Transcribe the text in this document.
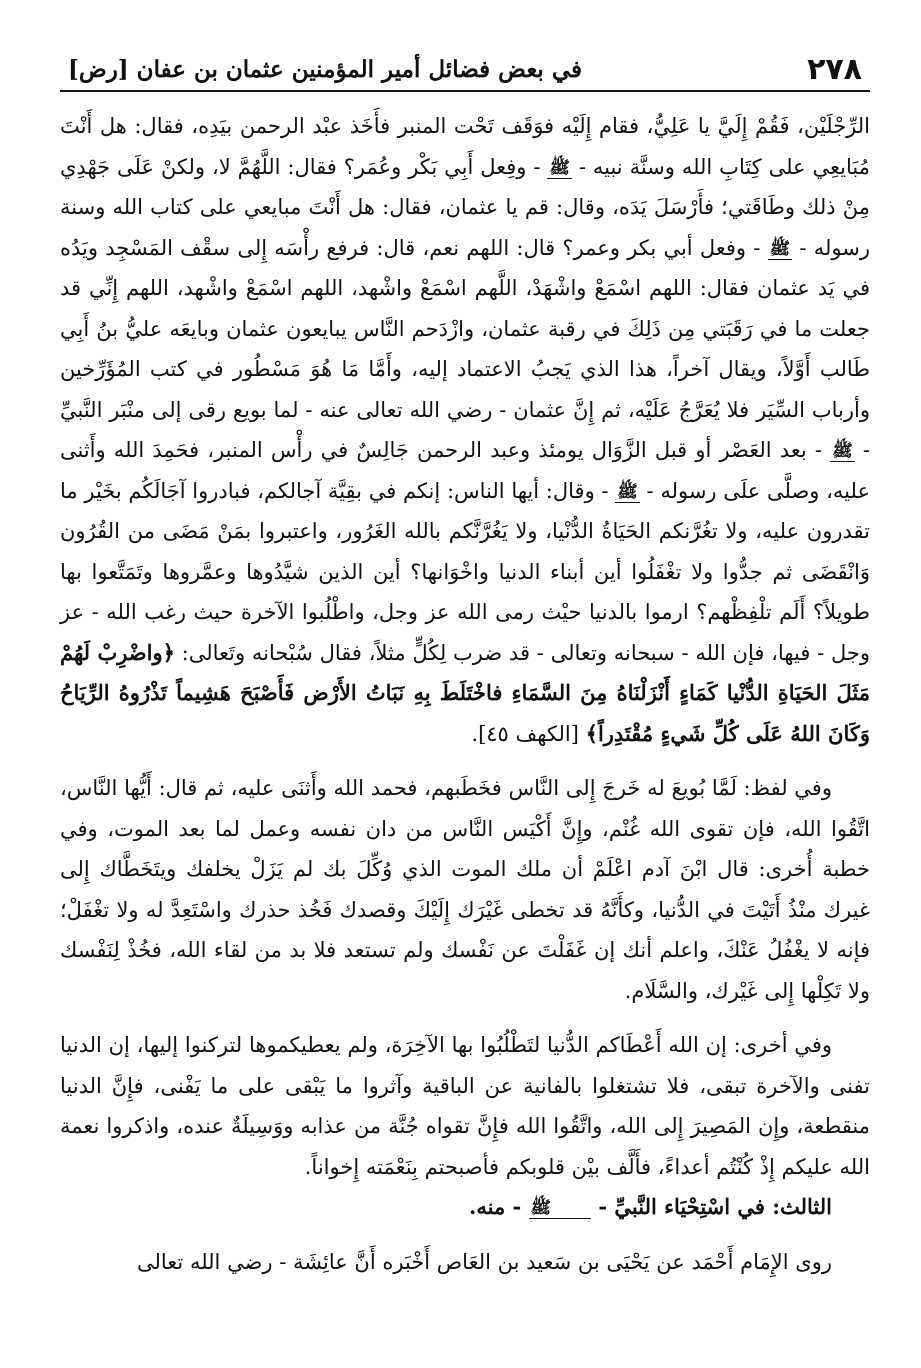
٢٧٨
في بعض فضائل أمير المؤمنين عثمان بن عفان [رض]

الرِّجْلَيْن، فَقُمْ إِلَيَّ يا عَلِيُّ، فقام إِلَيْه فوَقَف تَحْت المنبر فأَخَذ عبْد الرحمن بيَدِه، فقال: هل أَنْتَ مُبَايعِي على كِتَابِ الله وسنَّة نبيه - ﷺ - وفِعل أَبِي بَكْر وعُمَر؟ فقال: اللَّهُمَّ لا، ولكنْ عَلَى جَهْدِي مِنْ ذلك وطَاقَتي؛ فأَرْسَلَ يَدَه، وقال: قم يا عثمان، فقال: هل أَنْتَ مبايعي على كتاب الله وسنة رسوله - ﷺ - وفعل أبي بكر وعمر؟ قال: اللهم نعم، قال: فرفع رأْسَه إِلى سقْف المَسْجِد ويَدُه في يَد عثمان فقال: اللهم اسْمَعْ واشْهَدْ، اللَّهم اسْمَعْ واشْهد، اللهم اسْمَعْ واشْهد، اللهم إِنِّي قد جعلت ما في رَقَبَتي مِن ذَلِكَ في رقبة عثمان، وازْدَحم النَّاس يبايعون عثمان وبايعَه عليُّ بنُ أَبِي طَالب أَوَّلاً، ويقال آخراً، هذا الذي يَجبُ الاعتماد إليه، وأَمَّا مَا هُوَ مَسْطُور في كتب المُؤَرِّخين وأرباب السِّيَر فلا يُعَرَّجُ عَلَيْه، ثم إِنَّ عثمان - رضي الله تعالى عنه - لما بويع رقى إلى منْبَر النَّبيِّ - ﷺ - بعد العَصْر أو قبل الزَّوَال يومئذ وعبد الرحمن جَالِسٌ في رأْس المنبر، فحَمِدَ الله وأَثنى عليه، وصلَّى علَى رسوله - ﷺ - وقال: أيها الناس: إنكم في بقِيَّة آجالكم، فبادروا آجَالَكُم بخَيْر ما تقدرون عليه، ولا تغُرَّنكم الحَيَاةُ الدُّنْيا، ولا يَغُرَّنَّكم بالله الغَرُور، واعتبروا بمَنْ مَضَى من القُرُون وَانْقَضَى ثم جدُّوا ولا تغْفَلُوا أين أبناء الدنيا واخْوَانها؟ أين الذين شيَّدُوها وعمَّروها وتَمَتَّعوا بها طويلاً؟ أَلَم تلْفِظْهم؟ ارموا بالدنيا حيْث رمى الله عز وجل، واطْلُبوا الآخرة حيث رغب الله - عز وجل - فيها، فإن الله - سبحانه وتعالى - قد ضرب لِكُلٍّ مثلاً، فقال سُبْحانه وتَعالى: ﴿واضْرِبْ لَهُمْ مَثَلَ الحَيَاةِ الدُّنْيا كَمَاءٍ أَنْزَلْنَاهُ مِنَ السَّمَاءِ فاخْتَلَطَ بِهِ نَبَاتُ الأَرْض فَأَصْبَحَ هَشِيماً تَذْرُوهُ الرِّيَاحُ وَكَانَ اللهُ عَلَى كُلِّ شَيءٍ مُقْتَدِراً﴾ [الكهف ٤٥].

وفي لفظ: لَمَّا بُويعَ له خَرجَ إِلى النَّاس فخَطَبهم، فحمد الله وأَثنَى عليه، ثم قال: أَيُّها النَّاس، اتَّقُوا الله، فإن تقوى الله غُنْم، وإِنَّ أَكْيَس النَّاس من دان نفسه وعمل لما بعد الموت، وفي خطبة أُخرى: قال ابْنَ آدم اعْلَمْ أن ملك الموت الذي وُكِّلَ بك لم يَزَلْ يخلفك ويتَخَطَّاك إِلى غيرك منْذُ أَتَيْتَ في الدُّنيا، وكأَنَّهُ قد تخطى غَيْرَك إِلَيْكَ وقصدك فَخُذ حذرك واسْتَعِدَّ له ولا تغْفَلْ؛ فإنه لا يغْفُلُ عَنْكَ، واعلم أنك إن غَفَلْتَ عن نَفْسك ولم تستعد فلا بد من لقاء الله، فخُذْ لِنَفْسك ولا تَكِلْها إِلى غَيْرك، والسَّلَام.

وفي أخرى: إن الله أَعْطَاكم الدُّنيا لتَطْلُبُوا بها الآخِرَة، ولم يعطيكموها لتركنوا إليها، إن الدنيا تفنى والآخرة تبقى، فلا تشتغلوا بالفانية عن الباقية وآثروا ما يَبْقى على ما يَفْنى، فإِنَّ الدنيا منقطعة، وإِن المَصِيرَ إِلى الله، واتَّقُوا الله فإِنَّ تقواه جُنَّة من عذابه ووَسِيلَةٌ عنده، واذكروا نعمة الله عليكم إِذْ كُنْتُم أعداءً، فأَلَّف بيْن قلوبكم فأصبحتم بِنَعْمَته إِخواناً.

الثالث: في اسْتِحْيَاء النَّبيِّ - ﷺ - منه.

روى الإِمَام أَحْمَد عن يَحْيَى بن سَعيد بن العَاص أَخْبَره أَنَّ عائِشَة - رضي الله تعالى
